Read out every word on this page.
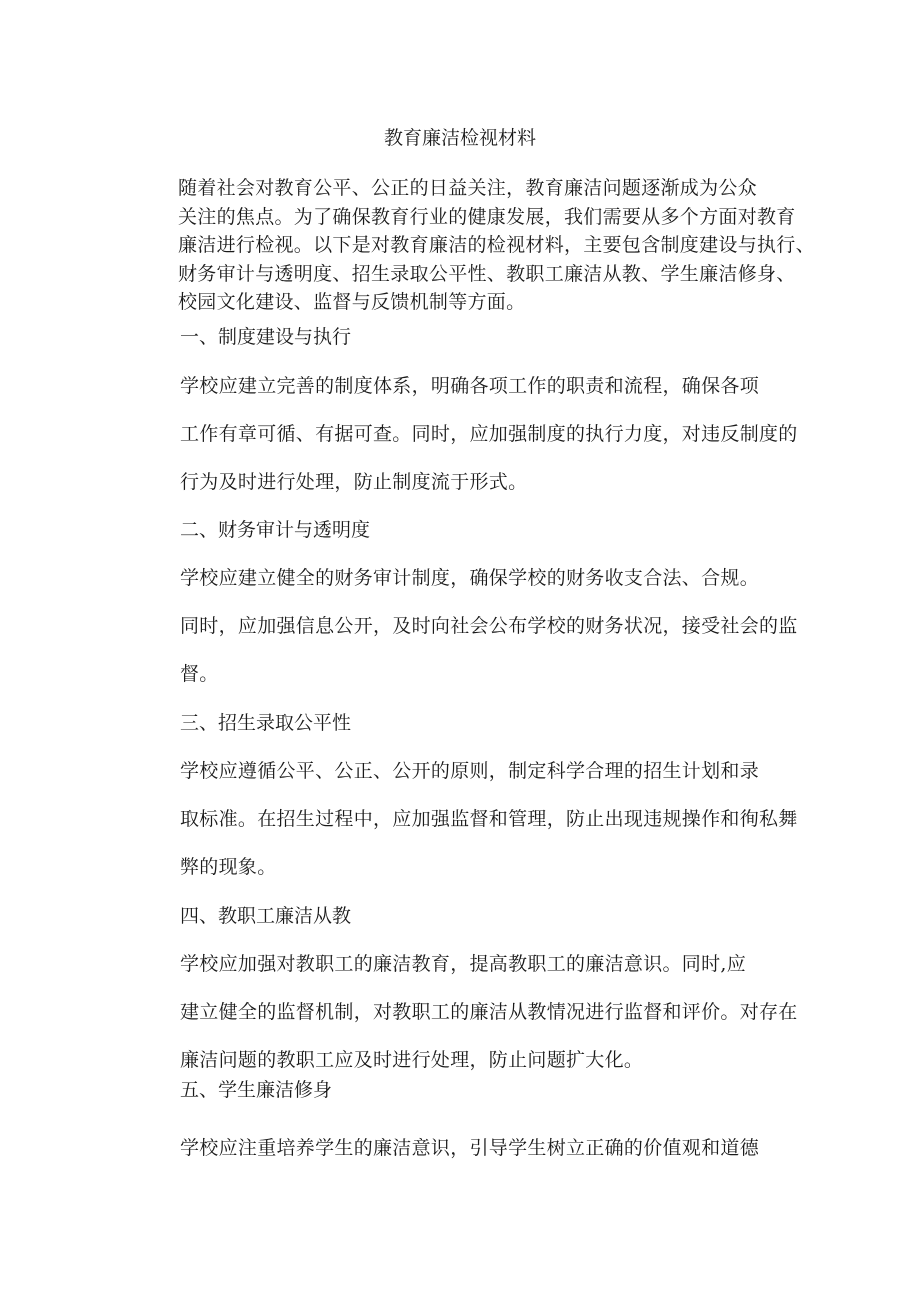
教育廉洁检视材料

随着社会对教育公平、公正的日益关注，教育廉洁问题逐渐成为公众
关注的焦点。为了确保教育行业的健康发展，我们需要从多个方面对教育
廉洁进行检视。以下是对教育廉洁的检视材料，主要包含制度建设与执行、
财务审计与透明度、招生录取公平性、教职工廉洁从教、学生廉洁修身、
校园文化建设、监督与反馈机制等方面。

一、制度建设与执行

学校应建立完善的制度体系，明确各项工作的职责和流程，确保各项
工作有章可循、有据可查。同时，应加强制度的执行力度，对违反制度的
行为及时进行处理，防止制度流于形式。

二、财务审计与透明度

学校应建立健全的财务审计制度，确保学校的财务收支合法、合规。
同时，应加强信息公开，及时向社会公布学校的财务状况，接受社会的监
督。

三、招生录取公平性

学校应遵循公平、公正、公开的原则，制定科学合理的招生计划和录
取标准。在招生过程中，应加强监督和管理，防止出现违规操作和徇私舞
弊的现象。

四、教职工廉洁从教

学校应加强对教职工的廉洁教育，提高教职工的廉洁意识。同时,应
建立健全的监督机制，对教职工的廉洁从教情况进行监督和评价。对存在
廉洁问题的教职工应及时进行处理，防止问题扩大化。

五、学生廉洁修身

学校应注重培养学生的廉洁意识，引导学生树立正确的价值观和道德
